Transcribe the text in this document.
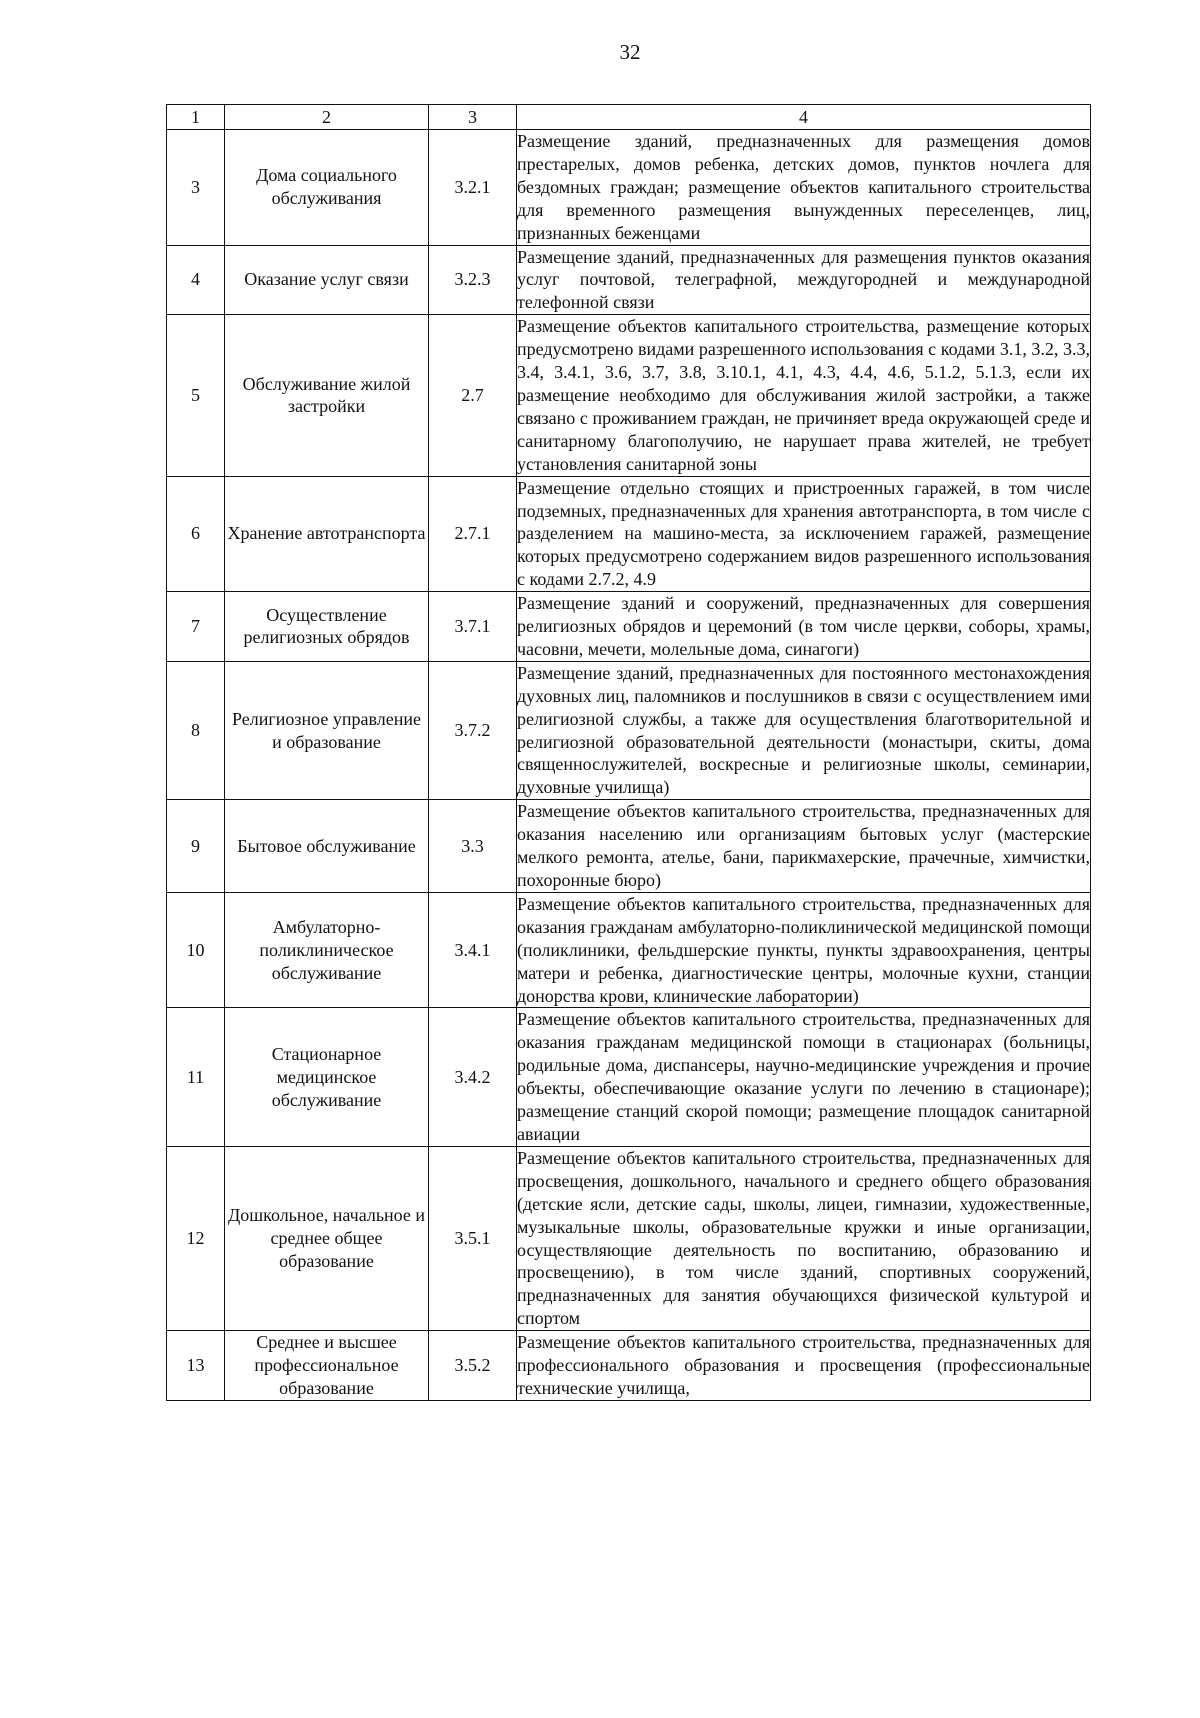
32
1	2	3	4
3	Дома социального обслуживания	3.2.1	Размещение зданий, предназначенных для размещения домов престарелых, домов ребенка, детских домов, пунктов ночлега для бездомных граждан; размещение объектов капитального строительства для временного размещения вынужденных переселенцев, лиц, признанных беженцами
4	Оказание услуг связи	3.2.3	Размещение зданий, предназначенных для размещения пунктов оказания услуг почтовой, телеграфной, междугородней и международной телефонной связи
5	Обслуживание жилой застройки	2.7	Размещение объектов капитального строительства, размещение которых предусмотрено видами разрешенного использования с кодами 3.1, 3.2, 3.3, 3.4, 3.4.1, 3.6, 3.7, 3.8, 3.10.1, 4.1, 4.3, 4.4, 4.6, 5.1.2, 5.1.3, если их размещение необходимо для обслуживания жилой застройки, а также связано с проживанием граждан, не причиняет вреда окружающей среде и санитарному благополучию, не нарушает права жителей, не требует установления санитарной зоны
6	Хранение автотранспорта	2.7.1	Размещение отдельно стоящих и пристроенных гаражей, в том числе подземных, предназначенных для хранения автотранспорта, в том числе с разделением на машино-места, за исключением гаражей, размещение которых предусмотрено содержанием видов разрешенного использования с кодами 2.7.2, 4.9
7	Осуществление религиозных обрядов	3.7.1	Размещение зданий и сооружений, предназначенных для совершения религиозных обрядов и церемоний (в том числе церкви, соборы, храмы, часовни, мечети, молельные дома, синагоги)
8	Религиозное управление и образование	3.7.2	Размещение зданий, предназначенных для постоянного местонахождения духовных лиц, паломников и послушников в связи с осуществлением ими религиозной службы, а также для осуществления благотворительной и религиозной образовательной деятельности (монастыри, скиты, дома священнослужителей, воскресные и религиозные школы, семинарии, духовные училища)
9	Бытовое обслуживание	3.3	Размещение объектов капитального строительства, предназначенных для оказания населению или организациям бытовых услуг (мастерские мелкого ремонта, ателье, бани, парикмахерские, прачечные, химчистки, похоронные бюро)
10	Амбулаторно-поликлиническое обслуживание	3.4.1	Размещение объектов капитального строительства, предназначенных для оказания гражданам амбулаторно-поликлинической медицинской помощи (поликлиники, фельдшерские пункты, пункты здравоохранения, центры матери и ребенка, диагностические центры, молочные кухни, станции донорства крови, клинические лаборатории)
11	Стационарное медицинское обслуживание	3.4.2	Размещение объектов капитального строительства, предназначенных для оказания гражданам медицинской помощи в стационарах (больницы, родильные дома, диспансеры, научно-медицинские учреждения и прочие объекты, обеспечивающие оказание услуги по лечению в стационаре); размещение станций скорой помощи; размещение площадок санитарной авиации
12	Дошкольное, начальное и среднее общее образование	3.5.1	Размещение объектов капитального строительства, предназначенных для просвещения, дошкольного, начального и среднего общего образования (детские ясли, детские сады, школы, лицеи, гимназии, художественные, музыкальные школы, образовательные кружки и иные организации, осуществляющие деятельность по воспитанию, образованию и просвещению), в том числе зданий, спортивных сооружений, предназначенных для занятия обучающихся физической культурой и спортом
13	Среднее и высшее профессиональное образование	3.5.2	Размещение объектов капитального строительства, предназначенных для профессионального образования и просвещения (профессиональные технические училища,
